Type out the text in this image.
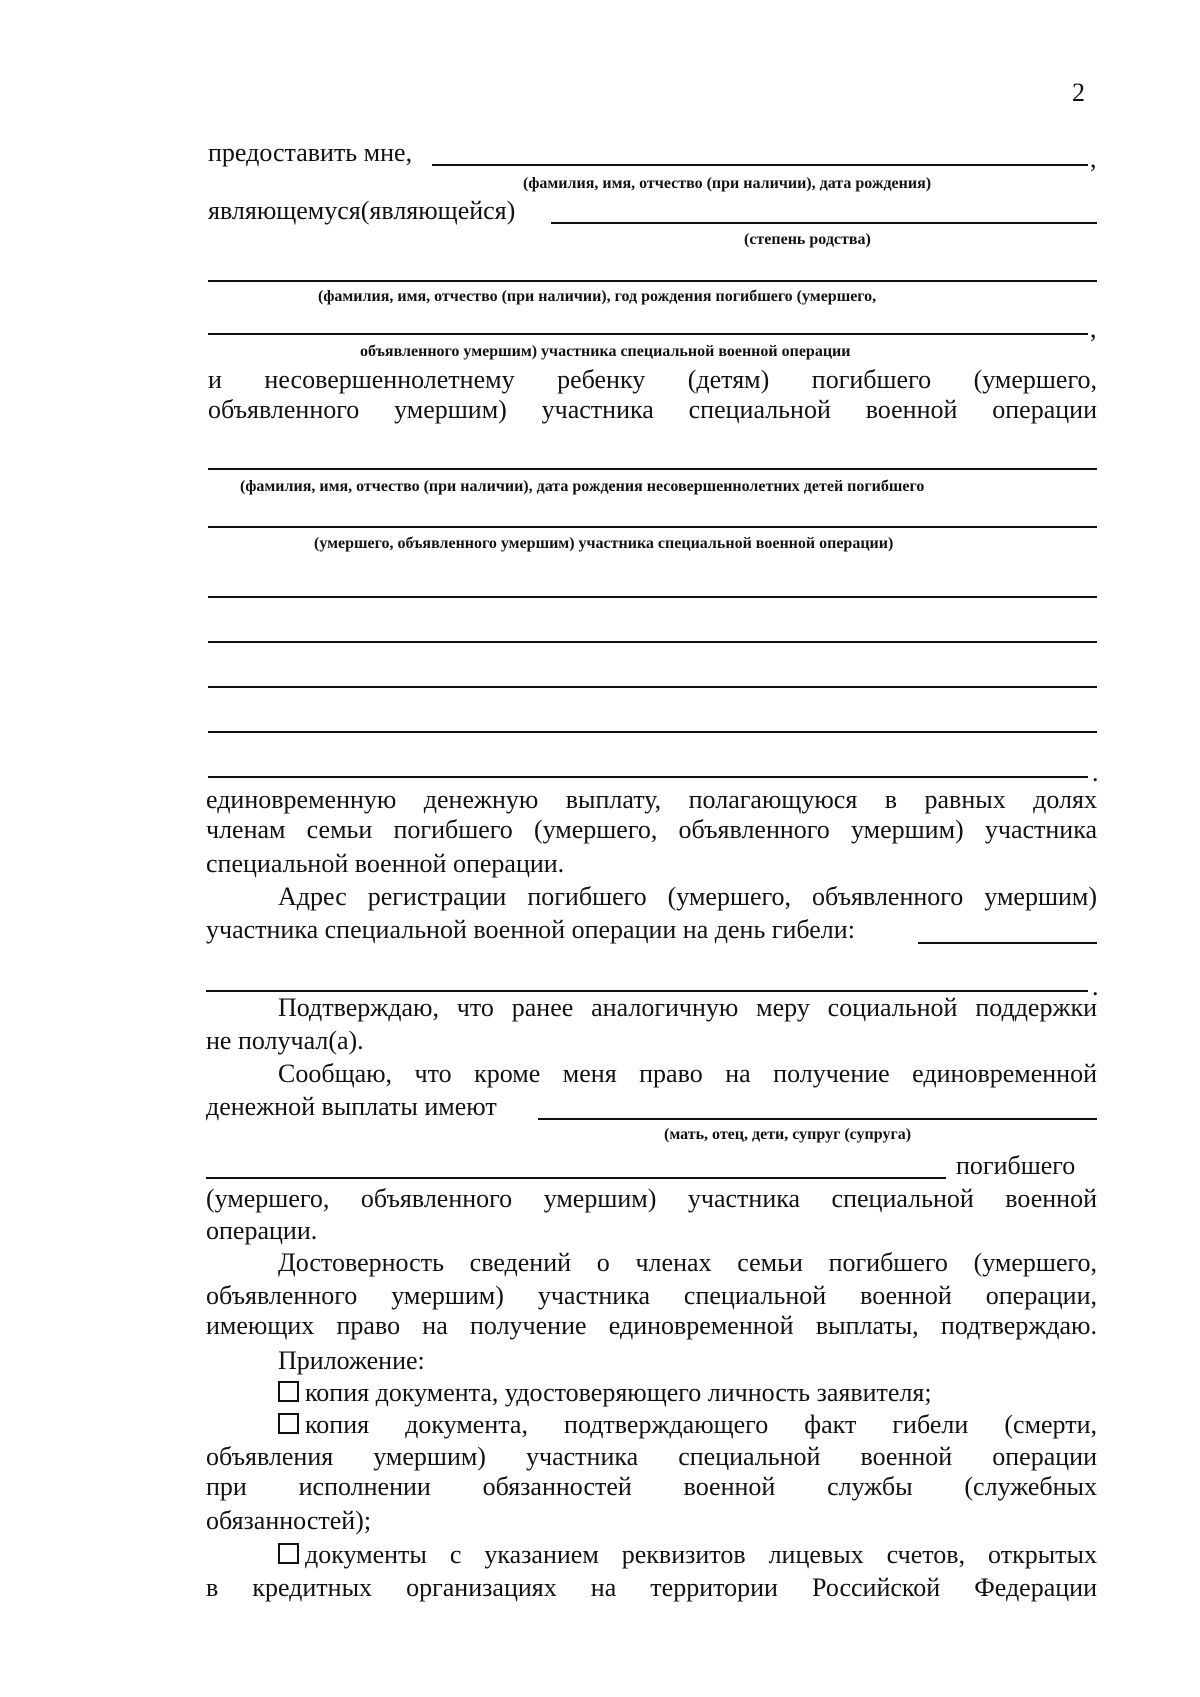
2
предоставить мне,	,
(фамилия, имя, отчество (при наличии), дата рождения)
являющемуся(являющейся)
(степень родства)
(фамилия, имя, отчество (при наличии), год рождения погибшего (умершего,
,
объявленного умершим) участника специальной военной операции
и несовершеннолетнему ребенку (детям) погибшего (умершего,
объявленного умершим) участника специальной военной операции
(фамилия, имя, отчество (при наличии), дата рождения несовершеннолетних детей погибшего
(умершего, объявленного умершим) участника специальной военной операции)
.
единовременную денежную выплату, полагающуюся в равных долях
членам семьи погибшего (умершего, объявленного умершим) участника
специальной военной операции.
Адрес регистрации погибшего (умершего, объявленного умершим)
участника специальной военной операции на день гибели:
.
Подтверждаю, что ранее аналогичную меру социальной поддержки
не получал(а).
Сообщаю, что кроме меня право на получение единовременной
денежной выплаты имеют
(мать, отец, дети, супруг (супруга)
погибшего
(умершего, объявленного умершим) участника специальной военной
операции.
Достоверность сведений о членах семьи погибшего (умершего,
объявленного умершим) участника специальной военной операции,
имеющих право на получение единовременной выплаты, подтверждаю.
Приложение:
копия документа, удостоверяющего личность заявителя;
копия документа, подтверждающего факт гибели (смерти,
объявления умершим) участника специальной военной операции
при исполнении обязанностей военной службы (служебных
обязанностей);
документы с указанием реквизитов лицевых счетов, открытых
в кредитных организациях на территории Российской Федерации
